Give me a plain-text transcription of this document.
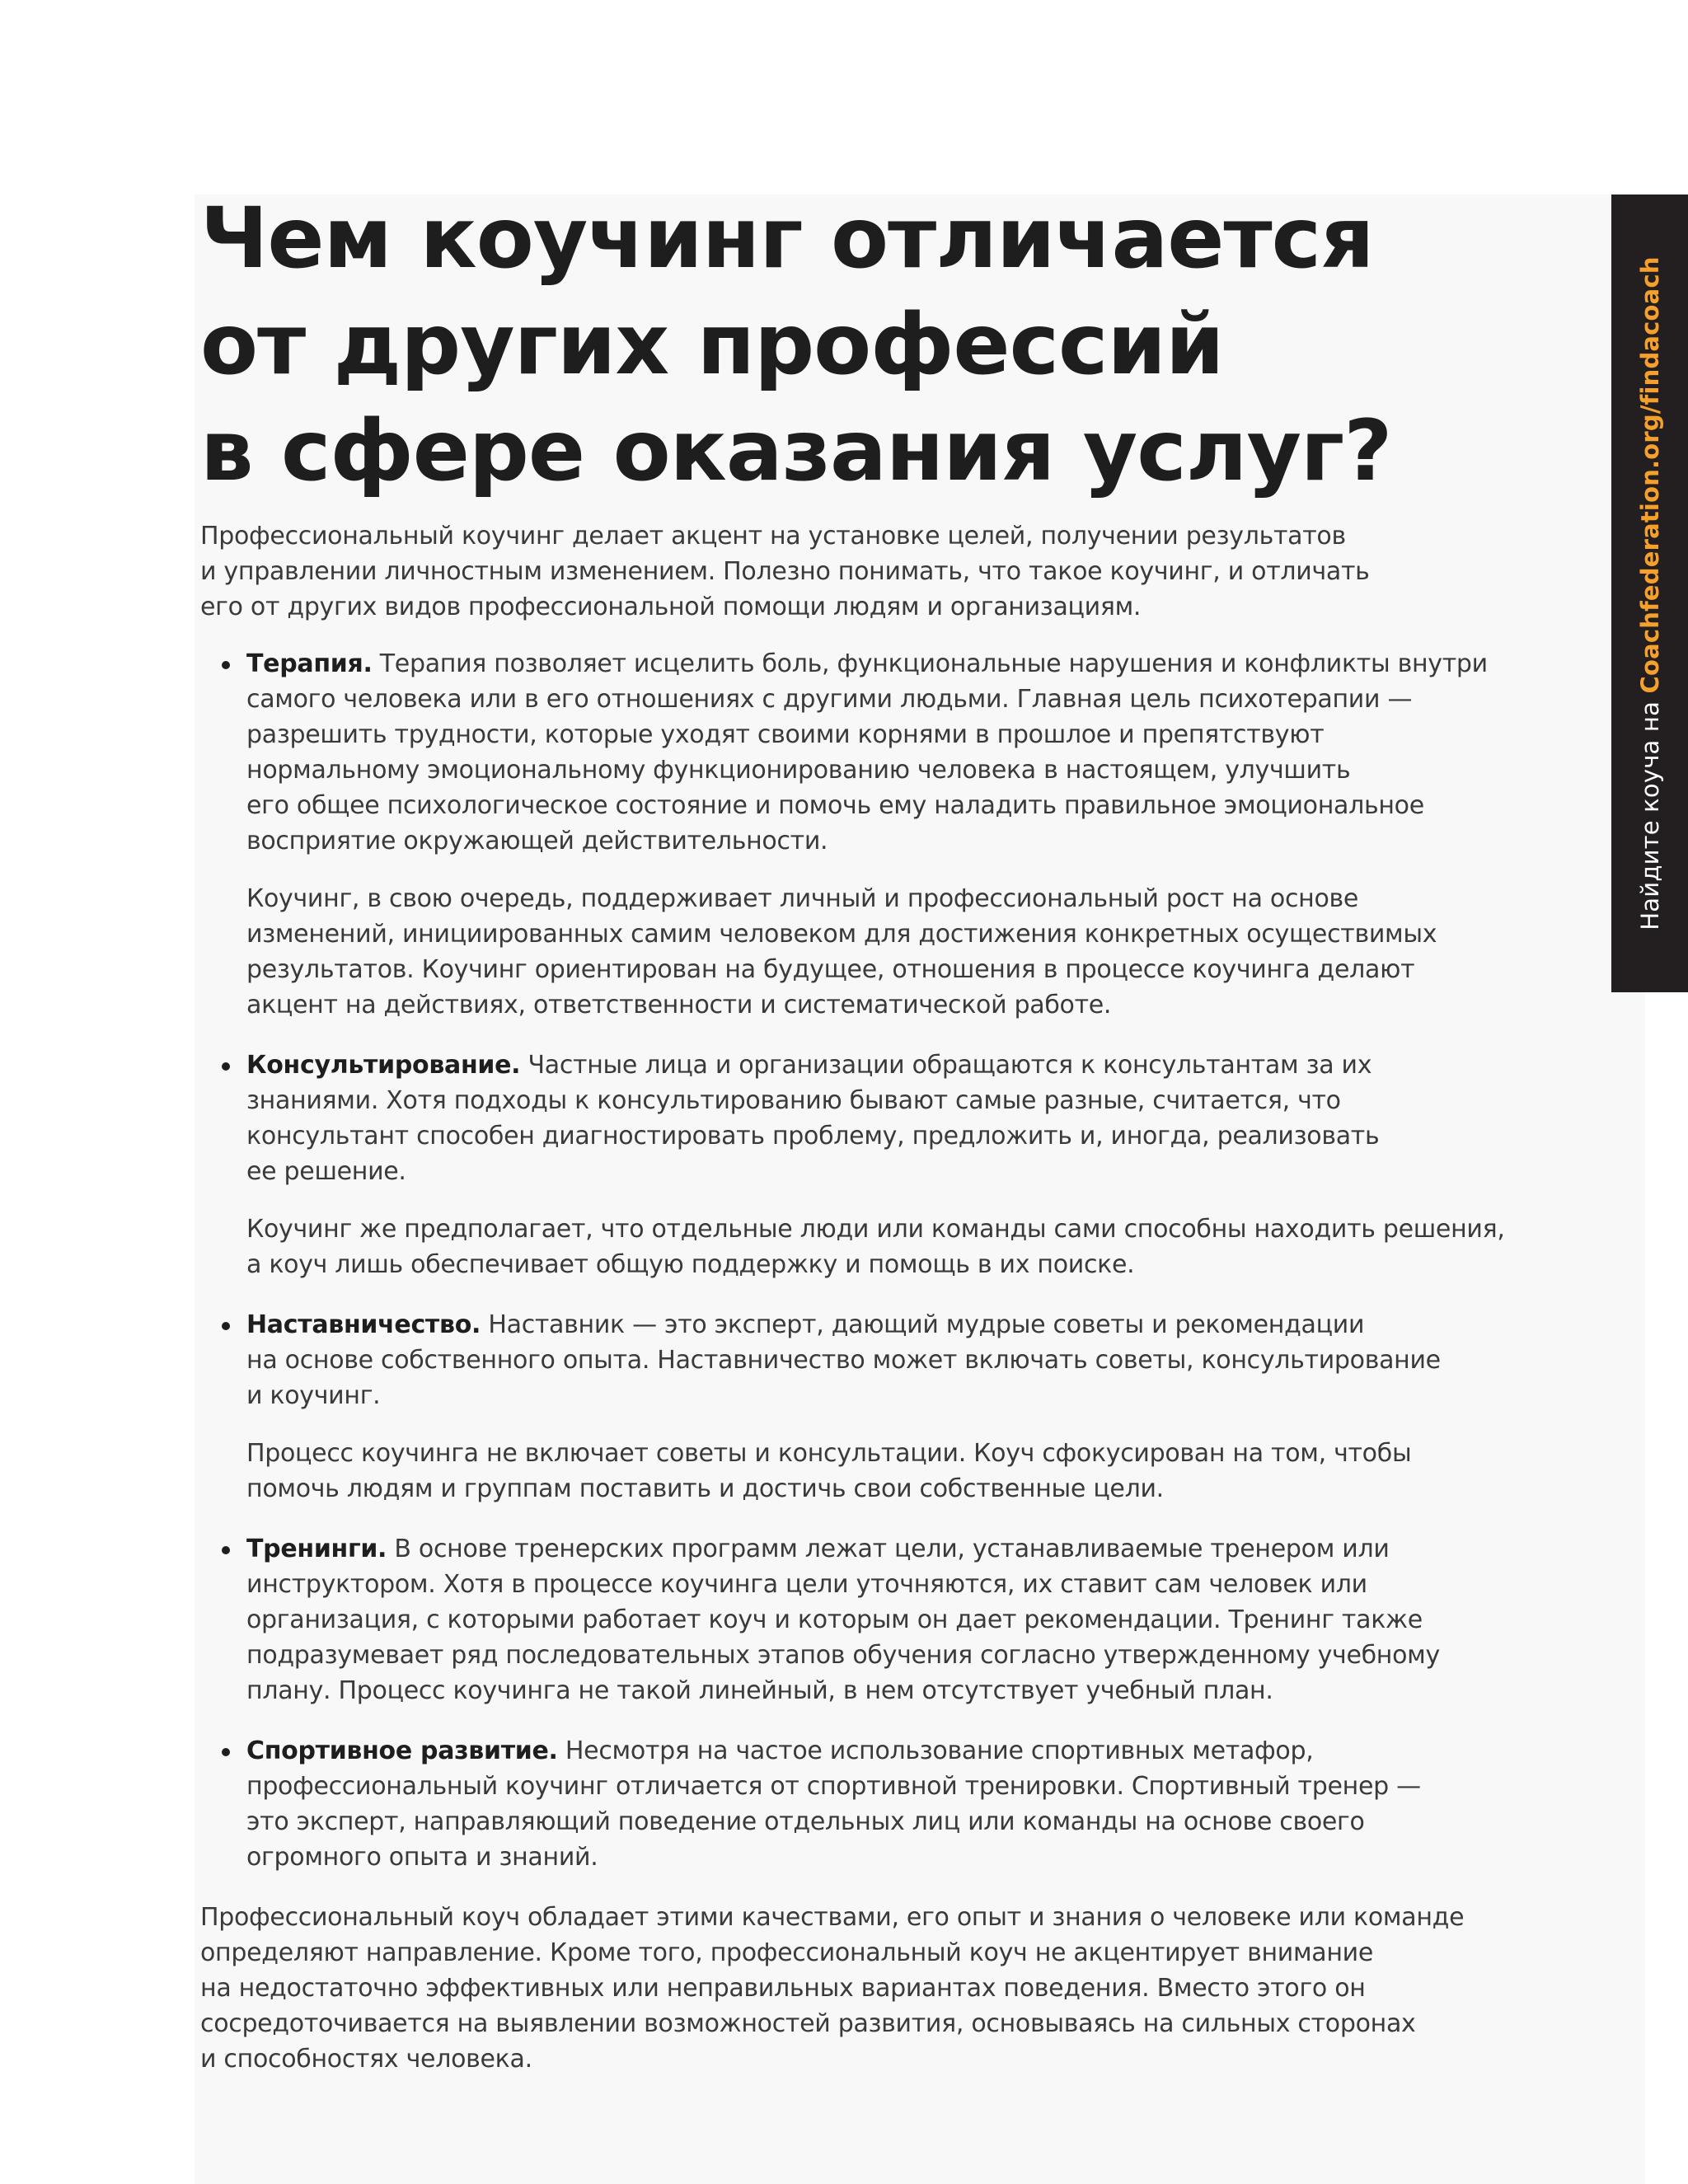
Чем коучинг отличается
от других профессий
в сфере оказания услуг?

Профессиональный коучинг делает акцент на установке целей, получении результатов
и управлении личностным изменением. Полезно понимать, что такое коучинг, и отличать
его от других видов профессиональной помощи людям и организациям.

Терапия. Терапия позволяет исцелить боль, функциональные нарушения и конфликты внутри
самого человека или в его отношениях с другими людьми. Главная цель психотерапии —
разрешить трудности, которые уходят своими корнями в прошлое и препятствуют
нормальному эмоциональному функционированию человека в настоящем, улучшить
его общее психологическое состояние и помочь ему наладить правильное эмоциональное
восприятие окружающей действительности.

Коучинг, в свою очередь, поддерживает личный и профессиональный рост на основе
изменений, инициированных самим человеком для достижения конкретных осуществимых
результатов. Коучинг ориентирован на будущее, отношения в процессе коучинга делают
акцент на действиях, ответственности и систематической работе.

Консультирование. Частные лица и организации обращаются к консультантам за их
знаниями. Хотя подходы к консультированию бывают самые разные, считается, что
консультант способен диагностировать проблему, предложить и, иногда, реализовать
ее решение.

Коучинг же предполагает, что отдельные люди или команды сами способны находить решения,
а коуч лишь обеспечивает общую поддержку и помощь в их поиске.

Наставничество. Наставник — это эксперт, дающий мудрые советы и рекомендации
на основе собственного опыта. Наставничество может включать советы, консультирование
и коучинг.

Процесс коучинга не включает советы и консультации. Коуч сфокусирован на том, чтобы
помочь людям и группам поставить и достичь свои собственные цели.

Тренинги. В основе тренерских программ лежат цели, устанавливаемые тренером или
инструктором. Хотя в процессе коучинга цели уточняются, их ставит сам человек или
организация, с которыми работает коуч и которым он дает рекомендации. Тренинг также
подразумевает ряд последовательных этапов обучения согласно утвержденному учебному
плану. Процесс коучинга не такой линейный, в нем отсутствует учебный план.

Спортивное развитие. Несмотря на частое использование спортивных метафор,
профессиональный коучинг отличается от спортивной тренировки. Спортивный тренер —
это эксперт, направляющий поведение отдельных лиц или команды на основе своего
огромного опыта и знаний.

Профессиональный коуч обладает этими качествами, его опыт и знания о человеке или команде
определяют направление. Кроме того, профессиональный коуч не акцентирует внимание
на недостаточно эффективных или неправильных вариантах поведения. Вместо этого он
сосредоточивается на выявлении возможностей развития, основываясь на сильных сторонах
и способностях человека.

Найдите коуча на Coachfederation.org/findacoach
